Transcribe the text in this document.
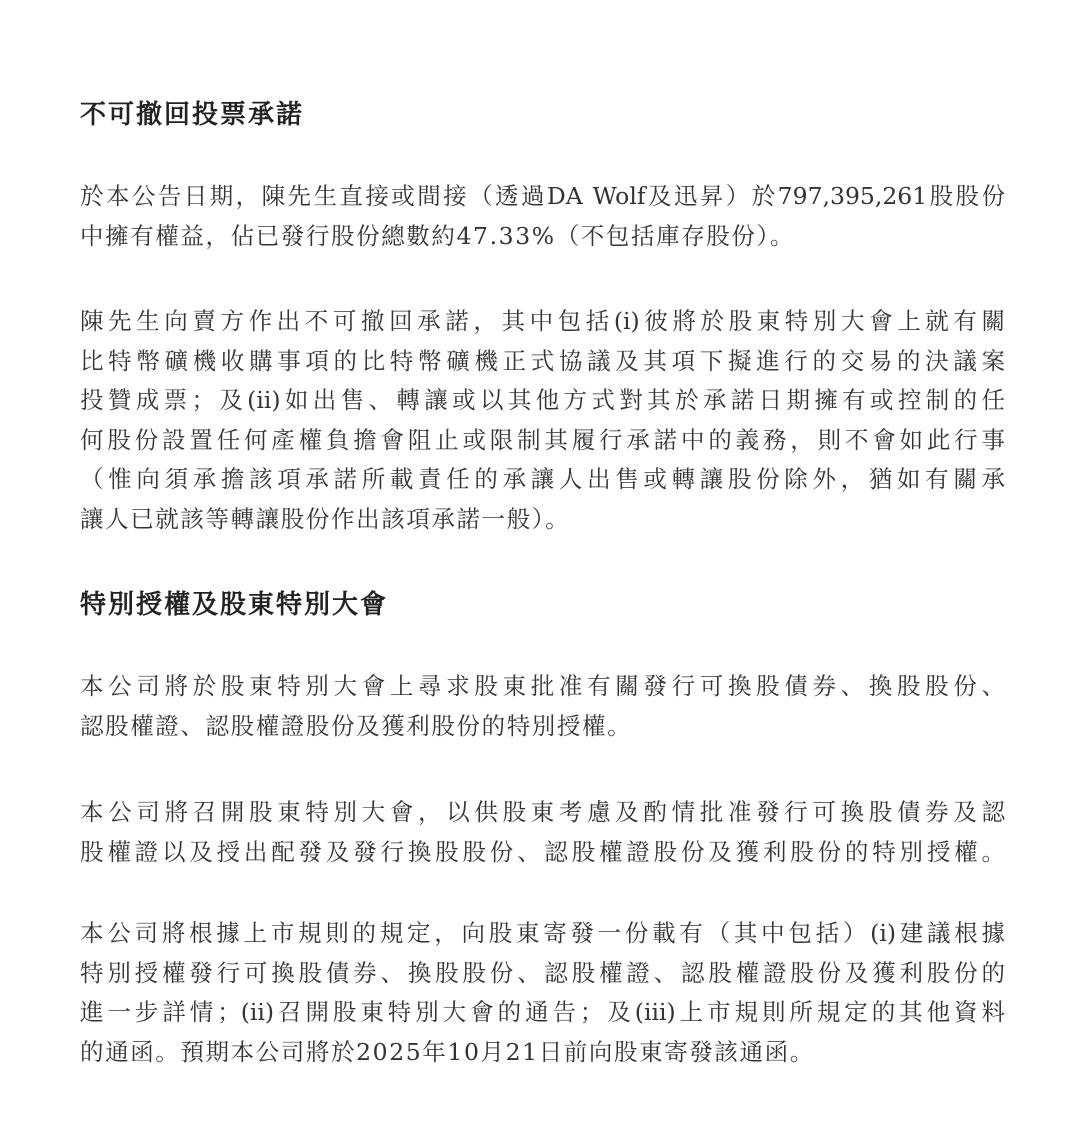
不可撤回投票承諾

於本公告日期，陳先生直接或間接（透過DA Wolf及迅昇）於797,395,261股股份
中擁有權益，佔已發行股份總數約47.33%（不包括庫存股份）。

陳先生向賣方作出不可撤回承諾，其中包括(i)彼將於股東特別大會上就有關
比特幣礦機收購事項的比特幣礦機正式協議及其項下擬進行的交易的決議案
投贊成票；及(ii)如出售、轉讓或以其他方式對其於承諾日期擁有或控制的任
何股份設置任何產權負擔會阻止或限制其履行承諾中的義務，則不會如此行事
（惟向須承擔該項承諾所載責任的承讓人出售或轉讓股份除外，猶如有關承
讓人已就該等轉讓股份作出該項承諾一般）。

特別授權及股東特別大會

本公司將於股東特別大會上尋求股東批准有關發行可換股債券、換股股份、
認股權證、認股權證股份及獲利股份的特別授權。

本公司將召開股東特別大會，以供股東考慮及酌情批准發行可換股債券及認
股權證以及授出配發及發行換股股份、認股權證股份及獲利股份的特別授權。

本公司將根據上市規則的規定，向股東寄發一份載有（其中包括）(i)建議根據
特別授權發行可換股債券、換股股份、認股權證、認股權證股份及獲利股份的
進一步詳情；(ii)召開股東特別大會的通告；及(iii)上市規則所規定的其他資料
的通函。預期本公司將於2025年10月21日前向股東寄發該通函。
